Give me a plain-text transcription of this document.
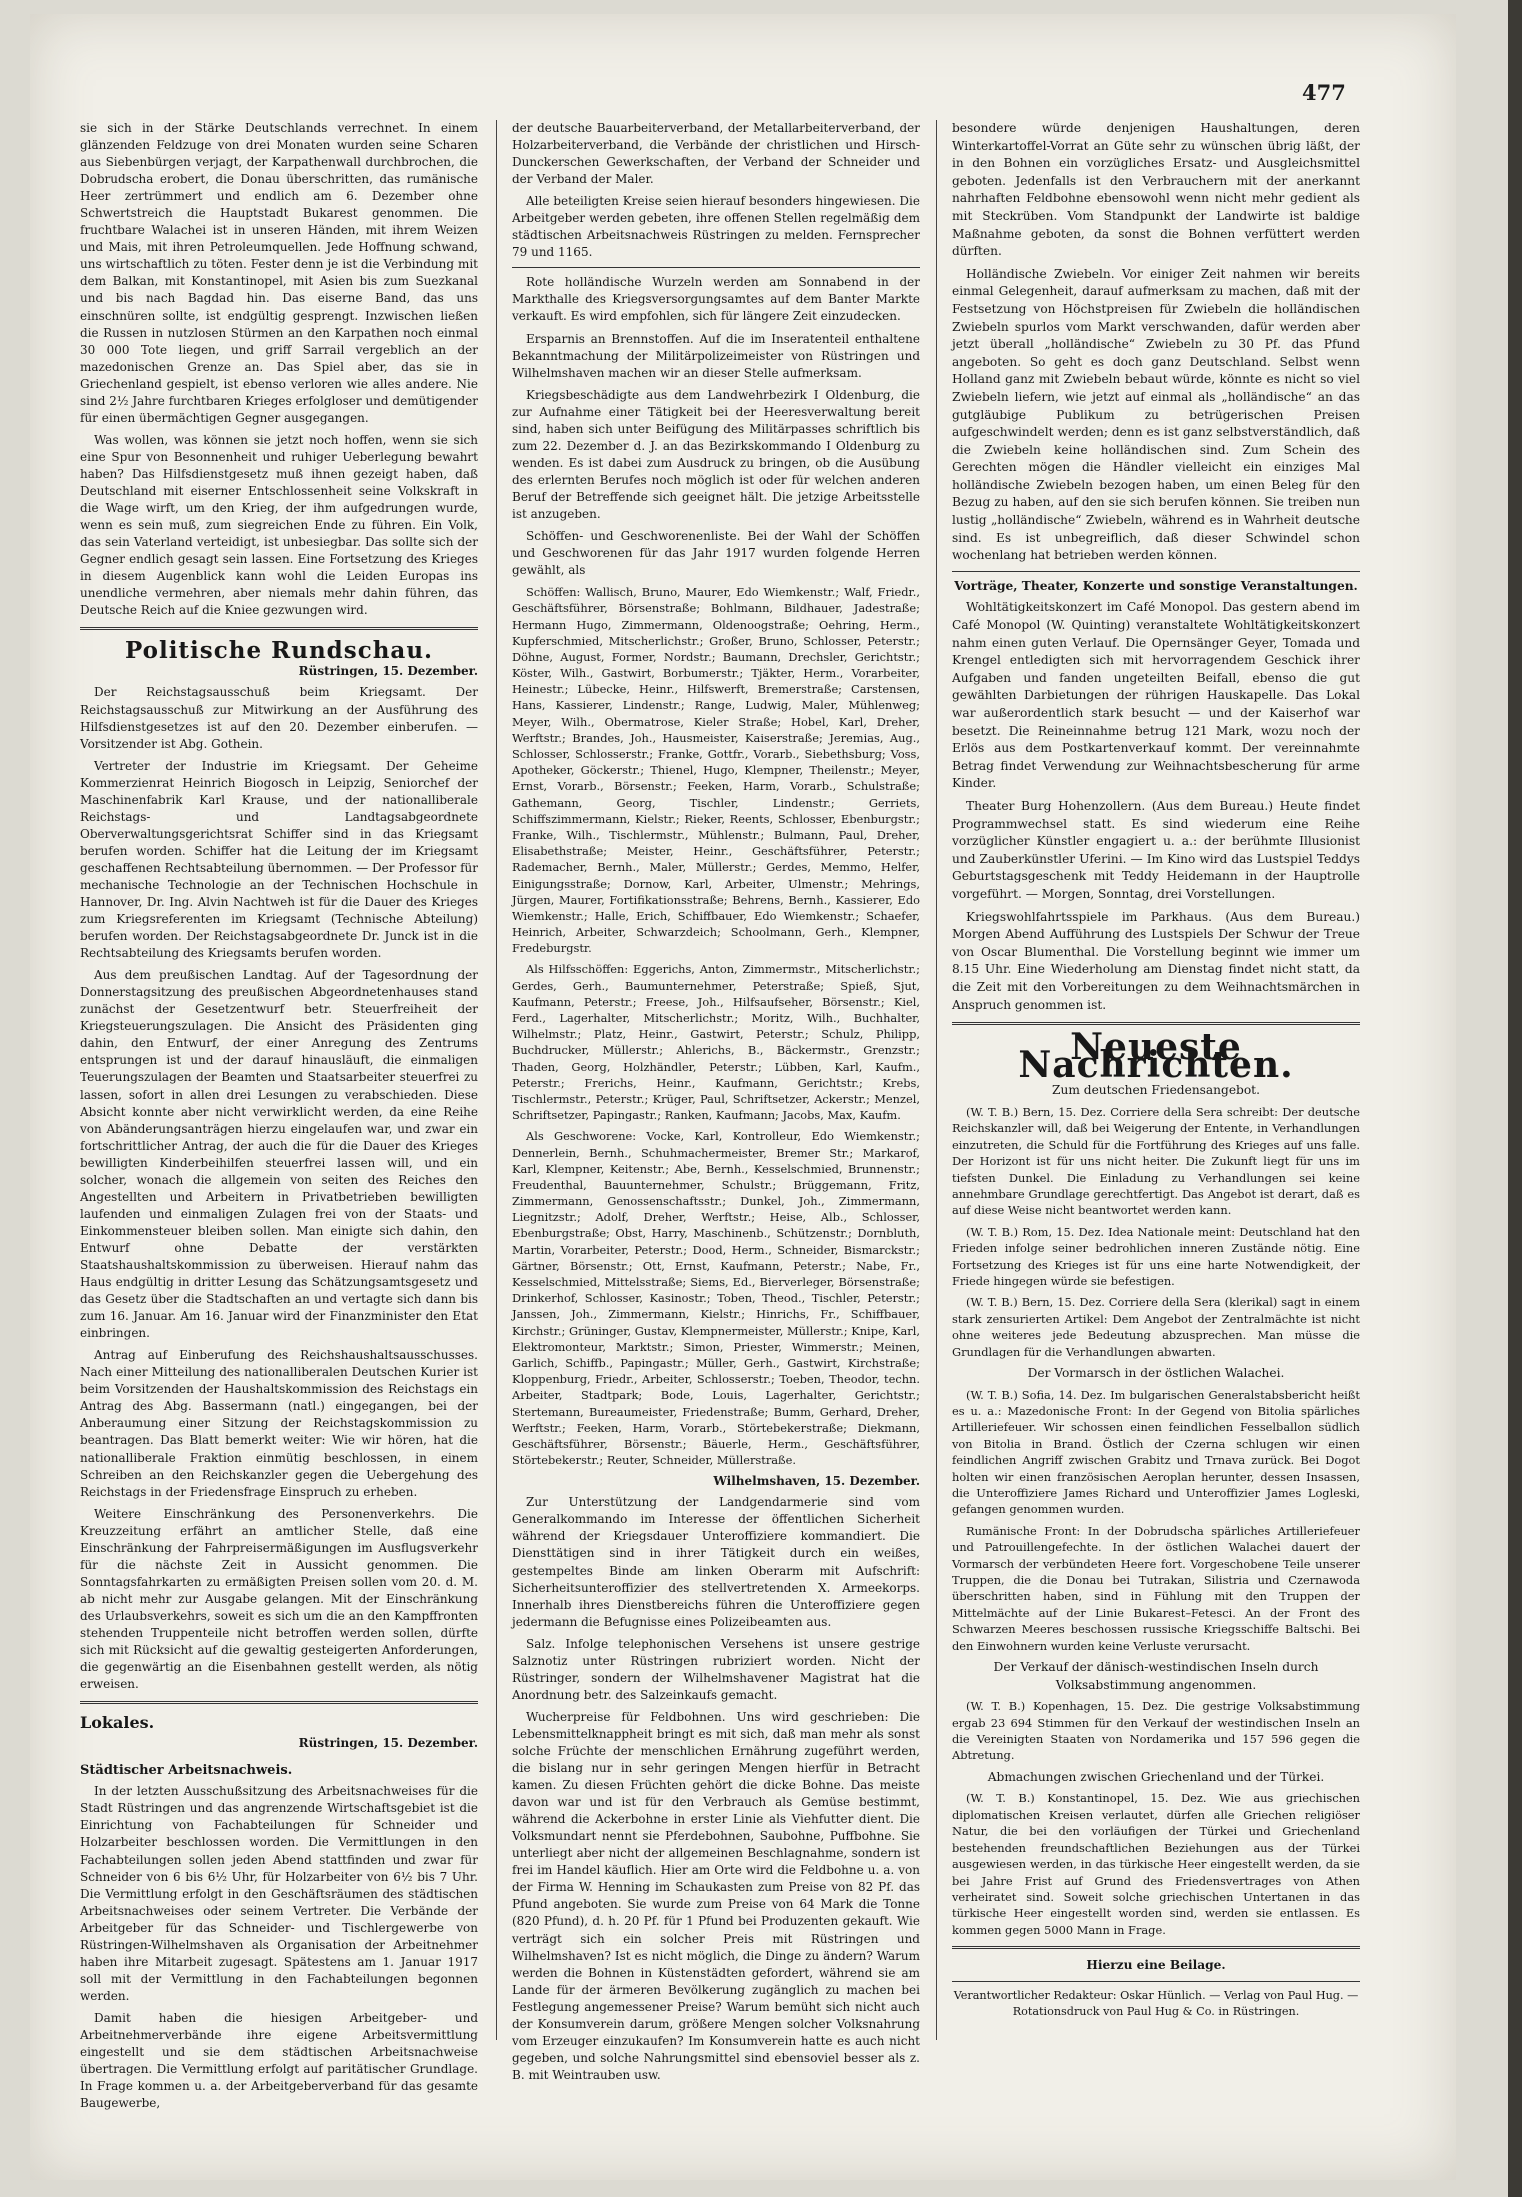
477

sie sich in der Stärke Deutschlands verrechnet. In einem glänzenden Feldzuge von drei Monaten wurden seine Scharen aus Siebenbürgen verjagt, der Karpathenwall durchbrochen, die Dobrudscha erobert, die Donau überschritten, das rumänische Heer zertrümmert und endlich am 6. Dezember ohne Schwertstreich die Hauptstadt Bukarest genommen. Die fruchtbare Walachei ist in unseren Händen, mit ihrem Weizen und Mais, mit ihren Petroleumquellen. Jede Hoffnung schwand, uns wirtschaftlich zu töten. Fester denn je ist die Verbindung mit dem Balkan, mit Konstantinopel, mit Asien bis zum Suezkanal und bis nach Bagdad hin. Das eiserne Band, das uns einschnüren sollte, ist endgültig gesprengt. Inzwischen ließen die Russen in nutzlosen Stürmen an den Karpathen noch einmal 30 000 Tote liegen, und griff Sarrail vergeblich an der mazedonischen Grenze an. Das Spiel aber, das sie in Griechenland gespielt, ist ebenso verloren wie alles andere. Nie sind 2½ Jahre furchtbaren Krieges erfolgloser und demütigender für einen übermächtigen Gegner ausgegangen.

Was wollen, was können sie jetzt noch hoffen, wenn sie sich eine Spur von Besonnenheit und ruhiger Ueberlegung bewahrt haben? Das Hilfsdienstgesetz muß ihnen gezeigt haben, daß Deutschland mit eiserner Entschlossenheit seine Volkskraft in die Wage wirft, um den Krieg, der ihm aufgedrungen wurde, wenn es sein muß, zum siegreichen Ende zu führen. Ein Volk, das sein Vaterland verteidigt, ist unbesiegbar. Das sollte sich der Gegner endlich gesagt sein lassen. Eine Fortsetzung des Krieges in diesem Augenblick kann wohl die Leiden Europas ins unendliche vermehren, aber niemals mehr dahin führen, das Deutsche Reich auf die Kniee gezwungen wird.

Politische Rundschau.
Rüstringen, 15. Dezember.

Der Reichstagsausschuß beim Kriegsamt. Der Reichstagsausschuß zur Mitwirkung an der Ausführung des Hilfsdienstgesetzes ist auf den 20. Dezember einberufen. — Vorsitzender ist Abg. Gothein.

Vertreter der Industrie im Kriegsamt. Der Geheime Kommerzienrat Heinrich Biogosch in Leipzig, Seniorchef der Maschinenfabrik Karl Krause, und der nationalliberale Reichstags- und Landtagsabgeordnete Oberverwaltungsgerichtsrat Schiffer sind in das Kriegsamt berufen worden. Schiffer hat die Leitung der im Kriegsamt geschaffenen Rechtsabteilung übernommen. — Der Professor für mechanische Technologie an der Technischen Hochschule in Hannover, Dr. Ing. Alvin Nachtweh ist für die Dauer des Krieges zum Kriegsreferenten im Kriegsamt (Technische Abteilung) berufen worden. Der Reichstagsabgeordnete Dr. Junck ist in die Rechtsabteilung des Kriegsamts berufen worden.

Aus dem preußischen Landtag. Auf der Tagesordnung der Donnerstagsitzung des preußischen Abgeordnetenhauses stand zunächst der Gesetzentwurf betr. Steuerfreiheit der Kriegsteuerungszulagen. Die Ansicht des Präsidenten ging dahin, den Entwurf, der einer Anregung des Zentrums entsprungen ist und der darauf hinausläuft, die einmaligen Teuerungszulagen der Beamten und Staatsarbeiter steuerfrei zu lassen, sofort in allen drei Lesungen zu verabschieden. Diese Absicht konnte aber nicht verwirklicht werden, da eine Reihe von Abänderungsanträgen hierzu eingelaufen war, und zwar ein fortschrittlicher Antrag, der auch die für die Dauer des Krieges bewilligten Kinderbeihilfen steuerfrei lassen will, und ein solcher, wonach die allgemein von seiten des Reiches den Angestellten und Arbeitern in Privatbetrieben bewilligten laufenden und einmaligen Zulagen frei von der Staats- und Einkommensteuer bleiben sollen. Man einigte sich dahin, den Entwurf ohne Debatte der verstärkten Staatshaushaltskommission zu überweisen. Hierauf nahm das Haus endgültig in dritter Lesung das Schätzungsamtsgesetz und das Gesetz über die Stadtschaften an und vertagte sich dann bis zum 16. Januar. Am 16. Januar wird der Finanzminister den Etat einbringen.

Antrag auf Einberufung des Reichshaushaltsausschusses. Nach einer Mitteilung des nationalliberalen Deutschen Kurier ist beim Vorsitzenden der Haushaltskommission des Reichstags ein Antrag des Abg. Bassermann (natl.) eingegangen, bei der Anberaumung einer Sitzung der Reichstagskommission zu beantragen. Das Blatt bemerkt weiter: Wie wir hören, hat die nationalliberale Fraktion einmütig beschlossen, in einem Schreiben an den Reichskanzler gegen die Uebergehung des Reichstags in der Friedensfrage Einspruch zu erheben.

Weitere Einschränkung des Personenverkehrs. Die Kreuzzeitung erfährt an amtlicher Stelle, daß eine Einschränkung der Fahrpreisermäßigungen im Ausflugsverkehr für die nächste Zeit in Aussicht genommen. Die Sonntagsfahrkarten zu ermäßigten Preisen sollen vom 20. d. M. ab nicht mehr zur Ausgabe gelangen. Mit der Einschränkung des Urlaubsverkehrs, soweit es sich um die an den Kampffronten stehenden Truppenteile nicht betroffen werden sollen, dürfte sich mit Rücksicht auf die gewaltig gesteigerten Anforderungen, die gegenwärtig an die Eisenbahnen gestellt werden, als nötig erweisen.

Lokales.
Rüstringen, 15. Dezember.
Städtischer Arbeitsnachweis.

In der letzten Ausschußsitzung des Arbeitsnachweises für die Stadt Rüstringen und das angrenzende Wirtschaftsgebiet ist die Einrichtung von Fachabteilungen für Schneider und Holzarbeiter beschlossen worden. Die Vermittlungen in den Fachabteilungen sollen jeden Abend stattfinden und zwar für Schneider von 6 bis 6½ Uhr, für Holzarbeiter von 6½ bis 7 Uhr. Die Vermittlung erfolgt in den Geschäftsräumen des städtischen Arbeitsnachweises oder seinem Vertreter. Die Verbände der Arbeitgeber für das Schneider- und Tischlergewerbe von Rüstringen-Wilhelmshaven als Organisation der Arbeitnehmer haben ihre Mitarbeit zugesagt. Spätestens am 1. Januar 1917 soll mit der Vermittlung in den Fachabteilungen begonnen werden.

Damit haben die hiesigen Arbeitgeber- und Arbeitnehmerverbände ihre eigene Arbeitsvermittlung eingestellt und sie dem städtischen Arbeitsnachweise übertragen. Die Vermittlung erfolgt auf paritätischer Grundlage. In Frage kommen u. a. der Arbeitgeberverband für das gesamte Baugewerbe,

der deutsche Bauarbeiterverband, der Metallarbeiterverband, der Holzarbeiterverband, die Verbände der christlichen und Hirsch-Dunckerschen Gewerkschaften, der Verband der Schneider und der Verband der Maler.

Alle beteiligten Kreise seien hierauf besonders hingewiesen. Die Arbeitgeber werden gebeten, ihre offenen Stellen regelmäßig dem städtischen Arbeitsnachweis Rüstringen zu melden. Fernsprecher 79 und 1165.

Rote holländische Wurzeln werden am Sonnabend in der Markthalle des Kriegsversorgungsamtes auf dem Banter Markte verkauft. Es wird empfohlen, sich für längere Zeit einzudecken.

Ersparnis an Brennstoffen. Auf die im Inseratenteil enthaltene Bekanntmachung der Militärpolizeimeister von Rüstringen und Wilhelmshaven machen wir an dieser Stelle aufmerksam.

Kriegsbeschädigte aus dem Landwehrbezirk I Oldenburg, die zur Aufnahme einer Tätigkeit bei der Heeresverwaltung bereit sind, haben sich unter Beifügung des Militärpasses schriftlich bis zum 22. Dezember d. J. an das Bezirkskommando I Oldenburg zu wenden. Es ist dabei zum Ausdruck zu bringen, ob die Ausübung des erlernten Berufes noch möglich ist oder für welchen anderen Beruf der Betreffende sich geeignet hält. Die jetzige Arbeitsstelle ist anzugeben.

Schöffen- und Geschworenenliste. Bei der Wahl der Schöffen und Geschworenen für das Jahr 1917 wurden folgende Herren gewählt, als

Schöffen: Wallisch, Bruno, Maurer, Edo Wiemkenstr.; Walf, Friedr., Geschäftsführer, Börsenstraße; Bohlmann, Bildhauer, Jadestraße; Hermann Hugo, Zimmermann, Oldenoogstraße; Oehring, Herm., Kupferschmied, Mitscherlichstr.; Großer, Bruno, Schlosser, Peterstr.; Döhne, August, Former, Nordstr.; Baumann, Drechsler, Gerichtstr.; Köster, Wilh., Gastwirt, Borbumerstr.; Tjäkter, Herm., Vorarbeiter, Heinestr.; Lübecke, Heinr., Hilfswerft, Bremerstraße; Carstensen, Hans, Kassierer, Lindenstr.; Range, Ludwig, Maler, Mühlenweg; Meyer, Wilh., Obermatrose, Kieler Straße; Hobel, Karl, Dreher, Werftstr.; Brandes, Joh., Hausmeister, Kaiserstraße; Jeremias, Aug., Schlosser, Schlosserstr.; Franke, Gottfr., Vorarb., Siebethsburg; Voss, Apotheker, Göckerstr.; Thienel, Hugo, Klempner, Theilenstr.; Meyer, Ernst, Vorarb., Börsenstr.; Feeken, Harm, Vorarb., Schulstraße; Gathemann, Georg, Tischler, Lindenstr.; Gerriets, Schiffszimmermann, Kielstr.; Rieker, Reents, Schlosser, Ebenburgstr.; Franke, Wilh., Tischlermstr., Mühlenstr.; Bulmann, Paul, Dreher, Elisabethstraße; Meister, Heinr., Geschäftsführer, Peterstr.; Rademacher, Bernh., Maler, Müllerstr.; Gerdes, Memmo, Helfer, Einigungsstraße; Dornow, Karl, Arbeiter, Ulmenstr.; Mehrings, Jürgen, Maurer, Fortifikationsstraße; Behrens, Bernh., Kassierer, Edo Wiemkenstr.; Halle, Erich, Schiffbauer, Edo Wiemkenstr.; Schaefer, Heinrich, Arbeiter, Schwarzdeich; Schoolmann, Gerh., Klempner, Fredeburgstr.

Als Hilfsschöffen: Eggerichs, Anton, Zimmermstr., Mitscherlichstr.; Gerdes, Gerh., Baumunternehmer, Peterstraße; Spieß, Sjut, Kaufmann, Peterstr.; Freese, Joh., Hilfsaufseher, Börsenstr.; Kiel, Ferd., Lagerhalter, Mitscherlichstr.; Moritz, Wilh., Buchhalter, Wilhelmstr.; Platz, Heinr., Gastwirt, Peterstr.; Schulz, Philipp, Buchdrucker, Müllerstr.; Ahlerichs, B., Bäckermstr., Grenzstr.; Thaden, Georg, Holzhändler, Peterstr.; Lübben, Karl, Kaufm., Peterstr.; Frerichs, Heinr., Kaufmann, Gerichtstr.; Krebs, Tischlermstr., Peterstr.; Krüger, Paul, Schriftsetzer, Ackerstr.; Menzel, Schriftsetzer, Papingastr.; Ranken, Kaufmann; Jacobs, Max, Kaufm.

Als Geschworene: Vocke, Karl, Kontrolleur, Edo Wiemkenstr.; Dennerlein, Bernh., Schuhmachermeister, Bremer Str.; Markarof, Karl, Klempner, Keitenstr.; Abe, Bernh., Kesselschmied, Brunnenstr.; Freudenthal, Bauunternehmer, Schulstr.; Brüggemann, Fritz, Zimmermann, Genossenschaftsstr.; Dunkel, Joh., Zimmermann, Liegnitzstr.; Adolf, Dreher, Werftstr.; Heise, Alb., Schlosser, Ebenburgstraße; Obst, Harry, Maschinenb., Schützenstr.; Dornbluth, Martin, Vorarbeiter, Peterstr.; Dood, Herm., Schneider, Bismarckstr.; Gärtner, Börsenstr.; Ott, Ernst, Kaufmann, Peterstr.; Nabe, Fr., Kesselschmied, Mittelsstraße; Siems, Ed., Bierverleger, Börsenstraße; Drinkerhof, Schlosser, Kasinostr.; Toben, Theod., Tischler, Peterstr.; Janssen, Joh., Zimmermann, Kielstr.; Hinrichs, Fr., Schiffbauer, Kirchstr.; Grüninger, Gustav, Klempnermeister, Müllerstr.; Knipe, Karl, Elektromonteur, Marktstr.; Simon, Priester, Wimmerstr.; Meinen, Garlich, Schiffb., Papingastr.; Müller, Gerh., Gastwirt, Kirchstraße; Kloppenburg, Friedr., Arbeiter, Schlosserstr.; Toeben, Theodor, techn. Arbeiter, Stadtpark; Bode, Louis, Lagerhalter, Gerichtstr.; Stertemann, Bureaumeister, Friedenstraße; Bumm, Gerhard, Dreher, Werftstr.; Feeken, Harm, Vorarb., Störtebekerstraße; Diekmann, Geschäftsführer, Börsenstr.; Bäuerle, Herm., Geschäftsführer, Störtebekerstr.; Reuter, Schneider, Müllerstraße.

Wilhelmshaven, 15. Dezember.

Zur Unterstützung der Landgendarmerie sind vom Generalkommando im Interesse der öffentlichen Sicherheit während der Kriegsdauer Unteroffiziere kommandiert. Die Diensttätigen sind in ihrer Tätigkeit durch ein weißes, gestempeltes Binde am linken Oberarm mit Aufschrift: Sicherheitsunteroffizier des stellvertretenden X. Armeekorps. Innerhalb ihres Dienstbereichs führen die Unteroffiziere gegen jedermann die Befugnisse eines Polizeibeamten aus.

Salz. Infolge telephonischen Versehens ist unsere gestrige Salznotiz unter Rüstringen rubriziert worden. Nicht der Rüstringer, sondern der Wilhelmshavener Magistrat hat die Anordnung betr. des Salzeinkaufs gemacht.

Wucherpreise für Feldbohnen. Uns wird geschrieben: Die Lebensmittelknappheit bringt es mit sich, daß man mehr als sonst solche Früchte der menschlichen Ernährung zugeführt werden, die bislang nur in sehr geringen Mengen hierfür in Betracht kamen. Zu diesen Früchten gehört die dicke Bohne. Das meiste davon war und ist für den Verbrauch als Gemüse bestimmt, während die Ackerbohne in erster Linie als Viehfutter dient. Die Volksmundart nennt sie Pferdebohnen, Saubohne, Puffbohne. Sie unterliegt aber nicht der allgemeinen Beschlagnahme, sondern ist frei im Handel käuflich. Hier am Orte wird die Feldbohne u. a. von der Firma W. Henning im Schaukasten zum Preise von 82 Pf. das Pfund angeboten. Sie wurde zum Preise von 64 Mark die Tonne (820 Pfund), d. h. 20 Pf. für 1 Pfund bei Produzenten gekauft. Wie verträgt sich ein solcher Preis mit Rüstringen und Wilhelmshaven? Ist es nicht möglich, die Dinge zu ändern? Warum werden die Bohnen in Küstenstädten gefordert, während sie am Lande für der ärmeren Bevölkerung zugänglich zu machen bei Festlegung angemessener Preise? Warum bemüht sich nicht auch der Konsumverein darum, größere Mengen solcher Volksnahrung vom Erzeuger einzukaufen? Im Konsumverein hatte es auch nicht gegeben, und solche Nahrungsmittel sind ebensoviel besser als z. B. mit Weintrauben usw.

besondere würde denjenigen Haushaltungen, deren Winterkartoffel-Vorrat an Güte sehr zu wünschen übrig läßt, der in den Bohnen ein vorzügliches Ersatz- und Ausgleichsmittel geboten. Jedenfalls ist den Verbrauchern mit der anerkannt nahrhaften Feldbohne ebensowohl wenn nicht mehr gedient als mit Steckrüben. Vom Standpunkt der Landwirte ist baldige Maßnahme geboten, da sonst die Bohnen verfüttert werden dürften.

Holländische Zwiebeln. Vor einiger Zeit nahmen wir bereits einmal Gelegenheit, darauf aufmerksam zu machen, daß mit der Festsetzung von Höchstpreisen für Zwiebeln die holländischen Zwiebeln spurlos vom Markt verschwanden, dafür werden aber jetzt überall „holländische“ Zwiebeln zu 30 Pf. das Pfund angeboten. So geht es doch ganz Deutschland. Selbst wenn Holland ganz mit Zwiebeln bebaut würde, könnte es nicht so viel Zwiebeln liefern, wie jetzt auf einmal als „holländische“ an das gutgläubige Publikum zu betrügerischen Preisen aufgeschwindelt werden; denn es ist ganz selbstverständlich, daß die Zwiebeln keine holländischen sind. Zum Schein des Gerechten mögen die Händler vielleicht ein einziges Mal holländische Zwiebeln bezogen haben, um einen Beleg für den Bezug zu haben, auf den sie sich berufen können. Sie treiben nun lustig „holländische“ Zwiebeln, während es in Wahrheit deutsche sind. Es ist unbegreiflich, daß dieser Schwindel schon wochenlang hat betrieben werden können.

Vorträge, Theater, Konzerte und sonstige Veranstaltungen.

Wohltätigkeitskonzert im Café Monopol. Das gestern abend im Café Monopol (W. Quinting) veranstaltete Wohltätigkeitskonzert nahm einen guten Verlauf. Die Opernsänger Geyer, Tomada und Krengel entledigten sich mit hervorragendem Geschick ihrer Aufgaben und fanden ungeteilten Beifall, ebenso die gut gewählten Darbietungen der rührigen Hauskapelle. Das Lokal war außerordentlich stark besucht — und der Kaiserhof war besetzt. Die Reineinnahme betrug 121 Mark, wozu noch der Erlös aus dem Postkartenverkauf kommt. Der vereinnahmte Betrag findet Verwendung zur Weihnachtsbescherung für arme Kinder.

Theater Burg Hohenzollern. (Aus dem Bureau.) Heute findet Programmwechsel statt. Es sind wiederum eine Reihe vorzüglicher Künstler engagiert u. a.: der berühmte Illusionist und Zauberkünstler Uferini. — Im Kino wird das Lustspiel Teddys Geburtstagsgeschenk mit Teddy Heidemann in der Hauptrolle vorgeführt. — Morgen, Sonntag, drei Vorstellungen.

Kriegswohlfahrtsspiele im Parkhaus. (Aus dem Bureau.) Morgen Abend Aufführung des Lustspiels Der Schwur der Treue von Oscar Blumenthal. Die Vorstellung beginnt wie immer um 8.15 Uhr. Eine Wiederholung am Dienstag findet nicht statt, da die Zeit mit den Vorbereitungen zu dem Weihnachtsmärchen in Anspruch genommen ist.

Neueste Nachrichten.
Zum deutschen Friedensangebot.

(W. T. B.) Bern, 15. Dez. Corriere della Sera schreibt: Der deutsche Reichskanzler will, daß bei Weigerung der Entente, in Verhandlungen einzutreten, die Schuld für die Fortführung des Krieges auf uns falle. Der Horizont ist für uns nicht heiter. Die Zukunft liegt für uns im tiefsten Dunkel. Die Einladung zu Verhandlungen sei keine annehmbare Grundlage gerechtfertigt. Das Angebot ist derart, daß es auf diese Weise nicht beantwortet werden kann.

(W. T. B.) Rom, 15. Dez. Idea Nationale meint: Deutschland hat den Frieden infolge seiner bedrohlichen inneren Zustände nötig. Eine Fortsetzung des Krieges ist für uns eine harte Notwendigkeit, der Friede hingegen würde sie befestigen.

(W. T. B.) Bern, 15. Dez. Corriere della Sera (klerikal) sagt in einem stark zensurierten Artikel: Dem Angebot der Zentralmächte ist nicht ohne weiteres jede Bedeutung abzusprechen. Man müsse die Grundlagen für die Verhandlungen abwarten.

Der Vormarsch in der östlichen Walachei.

(W. T. B.) Sofia, 14. Dez. Im bulgarischen Generalstabsbericht heißt es u. a.: Mazedonische Front: In der Gegend von Bitolia spärliches Artilleriefeuer. Wir schossen einen feindlichen Fesselballon südlich von Bitolia in Brand. Östlich der Czerna schlugen wir einen feindlichen Angriff zwischen Grabitz und Trnava zurück. Bei Dogot holten wir einen französischen Aeroplan herunter, dessen Insassen, die Unteroffiziere James Richard und Unteroffizier James Logleski, gefangen genommen wurden.

Rumänische Front: In der Dobrudscha spärliches Artilleriefeuer und Patrouillengefechte. In der östlichen Walachei dauert der Vormarsch der verbündeten Heere fort. Vorgeschobene Teile unserer Truppen, die die Donau bei Tutrakan, Silistria und Czernawoda überschritten haben, sind in Fühlung mit den Truppen der Mittelmächte auf der Linie Bukarest–Fetesci. An der Front des Schwarzen Meeres beschossen russische Kriegsschiffe Baltschi. Bei den Einwohnern wurden keine Verluste verursacht.

Der Verkauf der dänisch-westindischen Inseln durch Volksabstimmung angenommen.

(W. T. B.) Kopenhagen, 15. Dez. Die gestrige Volksabstimmung ergab 23 694 Stimmen für den Verkauf der westindischen Inseln an die Vereinigten Staaten von Nordamerika und 157 596 gegen die Abtretung.

Abmachungen zwischen Griechenland und der Türkei.

(W. T. B.) Konstantinopel, 15. Dez. Wie aus griechischen diplomatischen Kreisen verlautet, dürfen alle Griechen religiöser Natur, die bei den vorläufigen der Türkei und Griechenland bestehenden freundschaftlichen Beziehungen aus der Türkei ausgewiesen werden, in das türkische Heer eingestellt werden, da sie bei Jahre Frist auf Grund des Friedensvertrages von Athen verheiratet sind. Soweit solche griechischen Untertanen in das türkische Heer eingestellt worden sind, werden sie entlassen. Es kommen gegen 5000 Mann in Frage.

Hierzu eine Beilage.
Verantwortlicher Redakteur: Oskar Hünlich. — Verlag von Paul Hug. — Rotationsdruck von Paul Hug & Co. in Rüstringen.
